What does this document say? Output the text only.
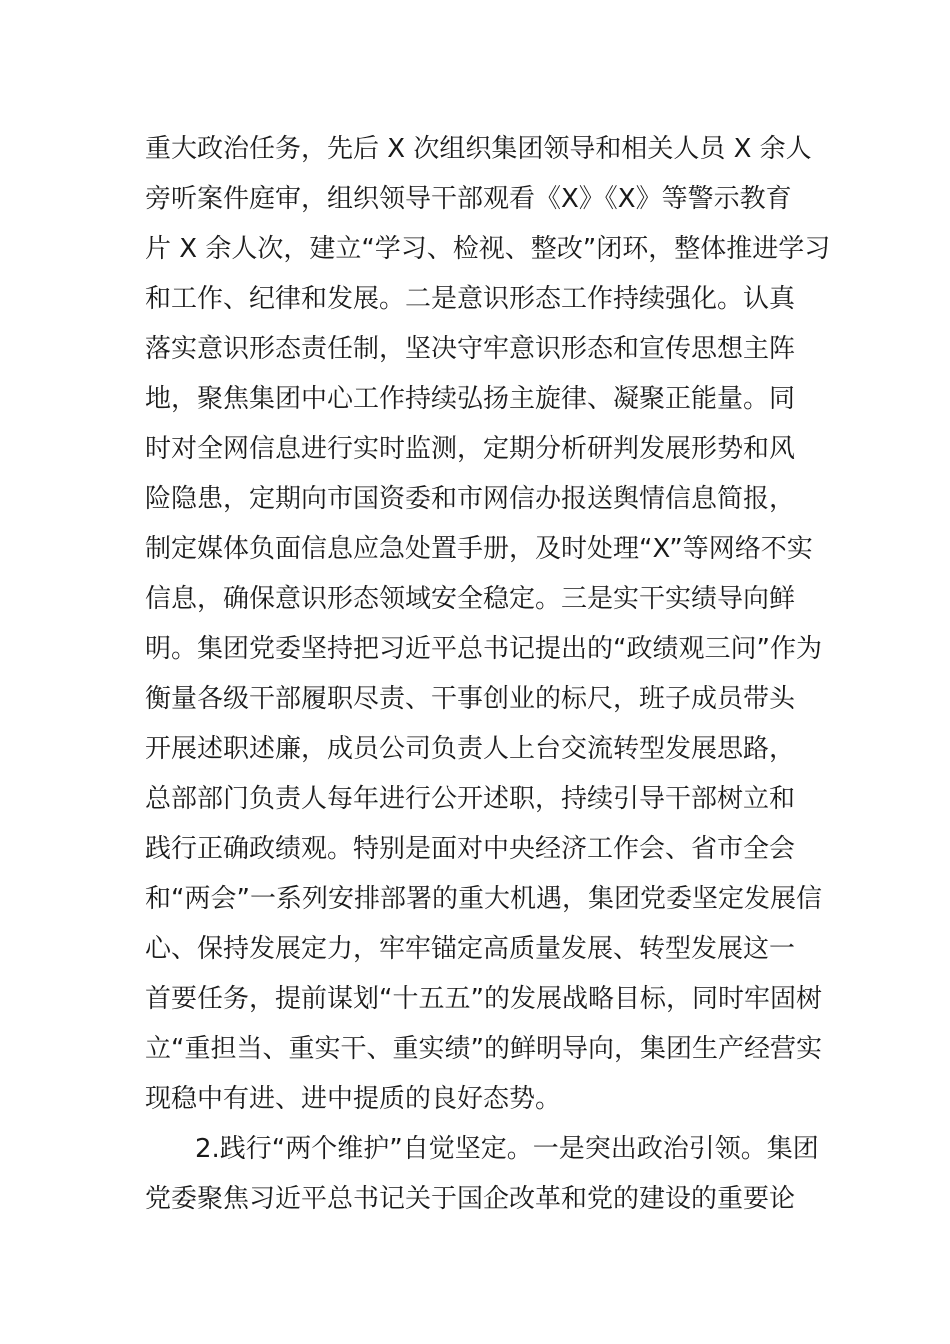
重大政治任务，先后 X 次组织集团领导和相关人员 X 余人
旁听案件庭审，组织领导干部观看《X》《X》等警示教育
片 X 余人次，建立“学习、检视、整改”闭环，整体推进学习
和工作、纪律和发展。二是意识形态工作持续强化。认真
落实意识形态责任制，坚决守牢意识形态和宣传思想主阵
地，聚焦集团中心工作持续弘扬主旋律、凝聚正能量。同
时对全网信息进行实时监测，定期分析研判发展形势和风
险隐患，定期向市国资委和市网信办报送舆情信息简报，
制定媒体负面信息应急处置手册，及时处理“X”等网络不实
信息，确保意识形态领域安全稳定。三是实干实绩导向鲜
明。集团党委坚持把习近平总书记提出的“政绩观三问”作为
衡量各级干部履职尽责、干事创业的标尺，班子成员带头
开展述职述廉，成员公司负责人上台交流转型发展思路，
总部部门负责人每年进行公开述职，持续引导干部树立和
践行正确政绩观。特别是面对中央经济工作会、省市全会
和“两会”一系列安排部署的重大机遇，集团党委坚定发展信
心、保持发展定力，牢牢锚定高质量发展、转型发展这一
首要任务，提前谋划“十五五”的发展战略目标，同时牢固树
立“重担当、重实干、重实绩”的鲜明导向，集团生产经营实
现稳中有进、进中提质的良好态势。
2.践行“两个维护”自觉坚定。一是突出政治引领。集团
党委聚焦习近平总书记关于国企改革和党的建设的重要论
